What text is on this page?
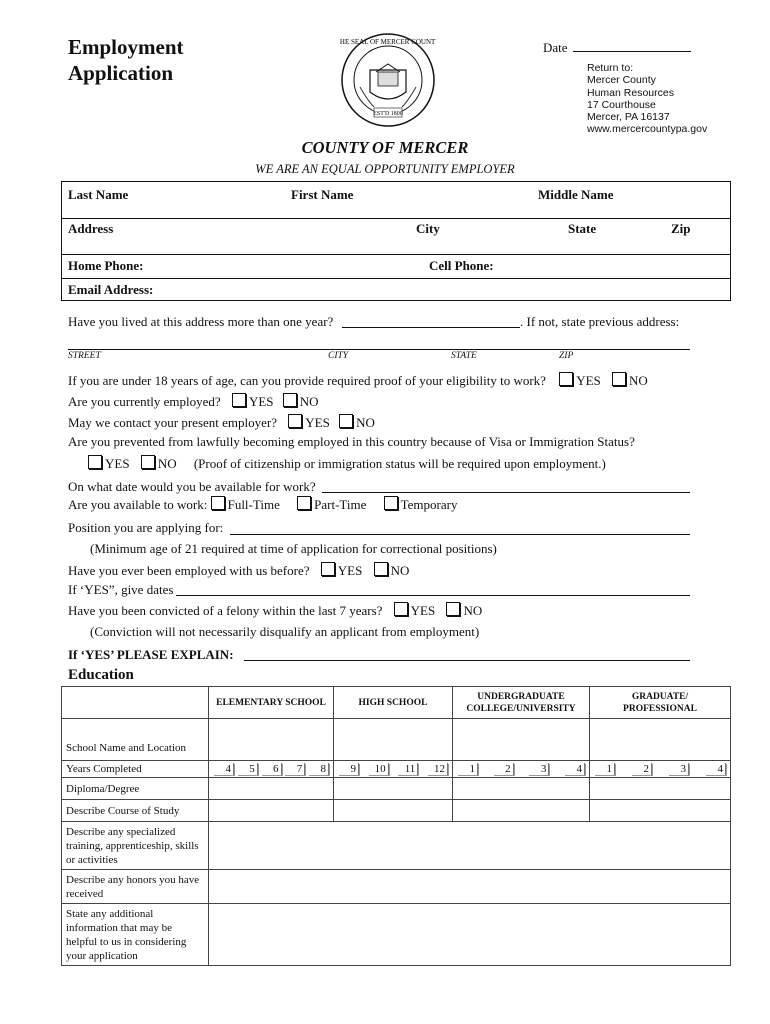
Employment
Application
THE SEAL OF MERCER COUNTY
EST'D 1800
Date
Return to:
Mercer County
Human Resources
17 Courthouse
Mercer, PA 16137
www.mercercountypa.gov
COUNTY OF MERCER
WE ARE AN EQUAL OPPORTUNITY EMPLOYER
Last Name	First Name	Middle Name
Address	City	State	Zip
Home Phone:	Cell Phone:
Email Address:
Have you lived at this address more than one year?	. If not, state previous address:
STREET	CITY	STATE	ZIP
If you are under 18 years of age, can you provide required proof of your eligibility to work? YES NO
Are you currently employed? YES NO
May we contact your present employer? YES NO
Are you prevented from lawfully becoming employed in this country because of Visa or Immigration Status?
YES NO (Proof of citizenship or immigration status will be required upon employment.)
On what date would you be available for work?
Are you available to work: Full-Time	Part-Time	Temporary
Position you are applying for:
(Minimum age of 21 required at time of application for correctional positions)
Have you ever been employed with us before? YES NO
If ‘YES”, give dates
Have you been convicted of a felony within the last 7 years? YES NO
(Conviction will not necessarily disqualify an applicant from employment)
If ‘YES’ PLEASE EXPLAIN:
Education
	ELEMENTARY SCHOOL	HIGH SCHOOL	UNDERGRADUATE COLLEGE/UNIVERSITY	GRADUATE/ PROFESSIONAL
School Name and Location				
Years Completed	4 5 6 7 8	9 10 11 12	1 2 3 4	1 2 3 4

Diploma/Degree				
Describe Course of Study				
Describe any specialized training, apprenticeship, skills or activities				
Describe any honors you have received				
State any additional information that may be helpful to us in considering your application				
